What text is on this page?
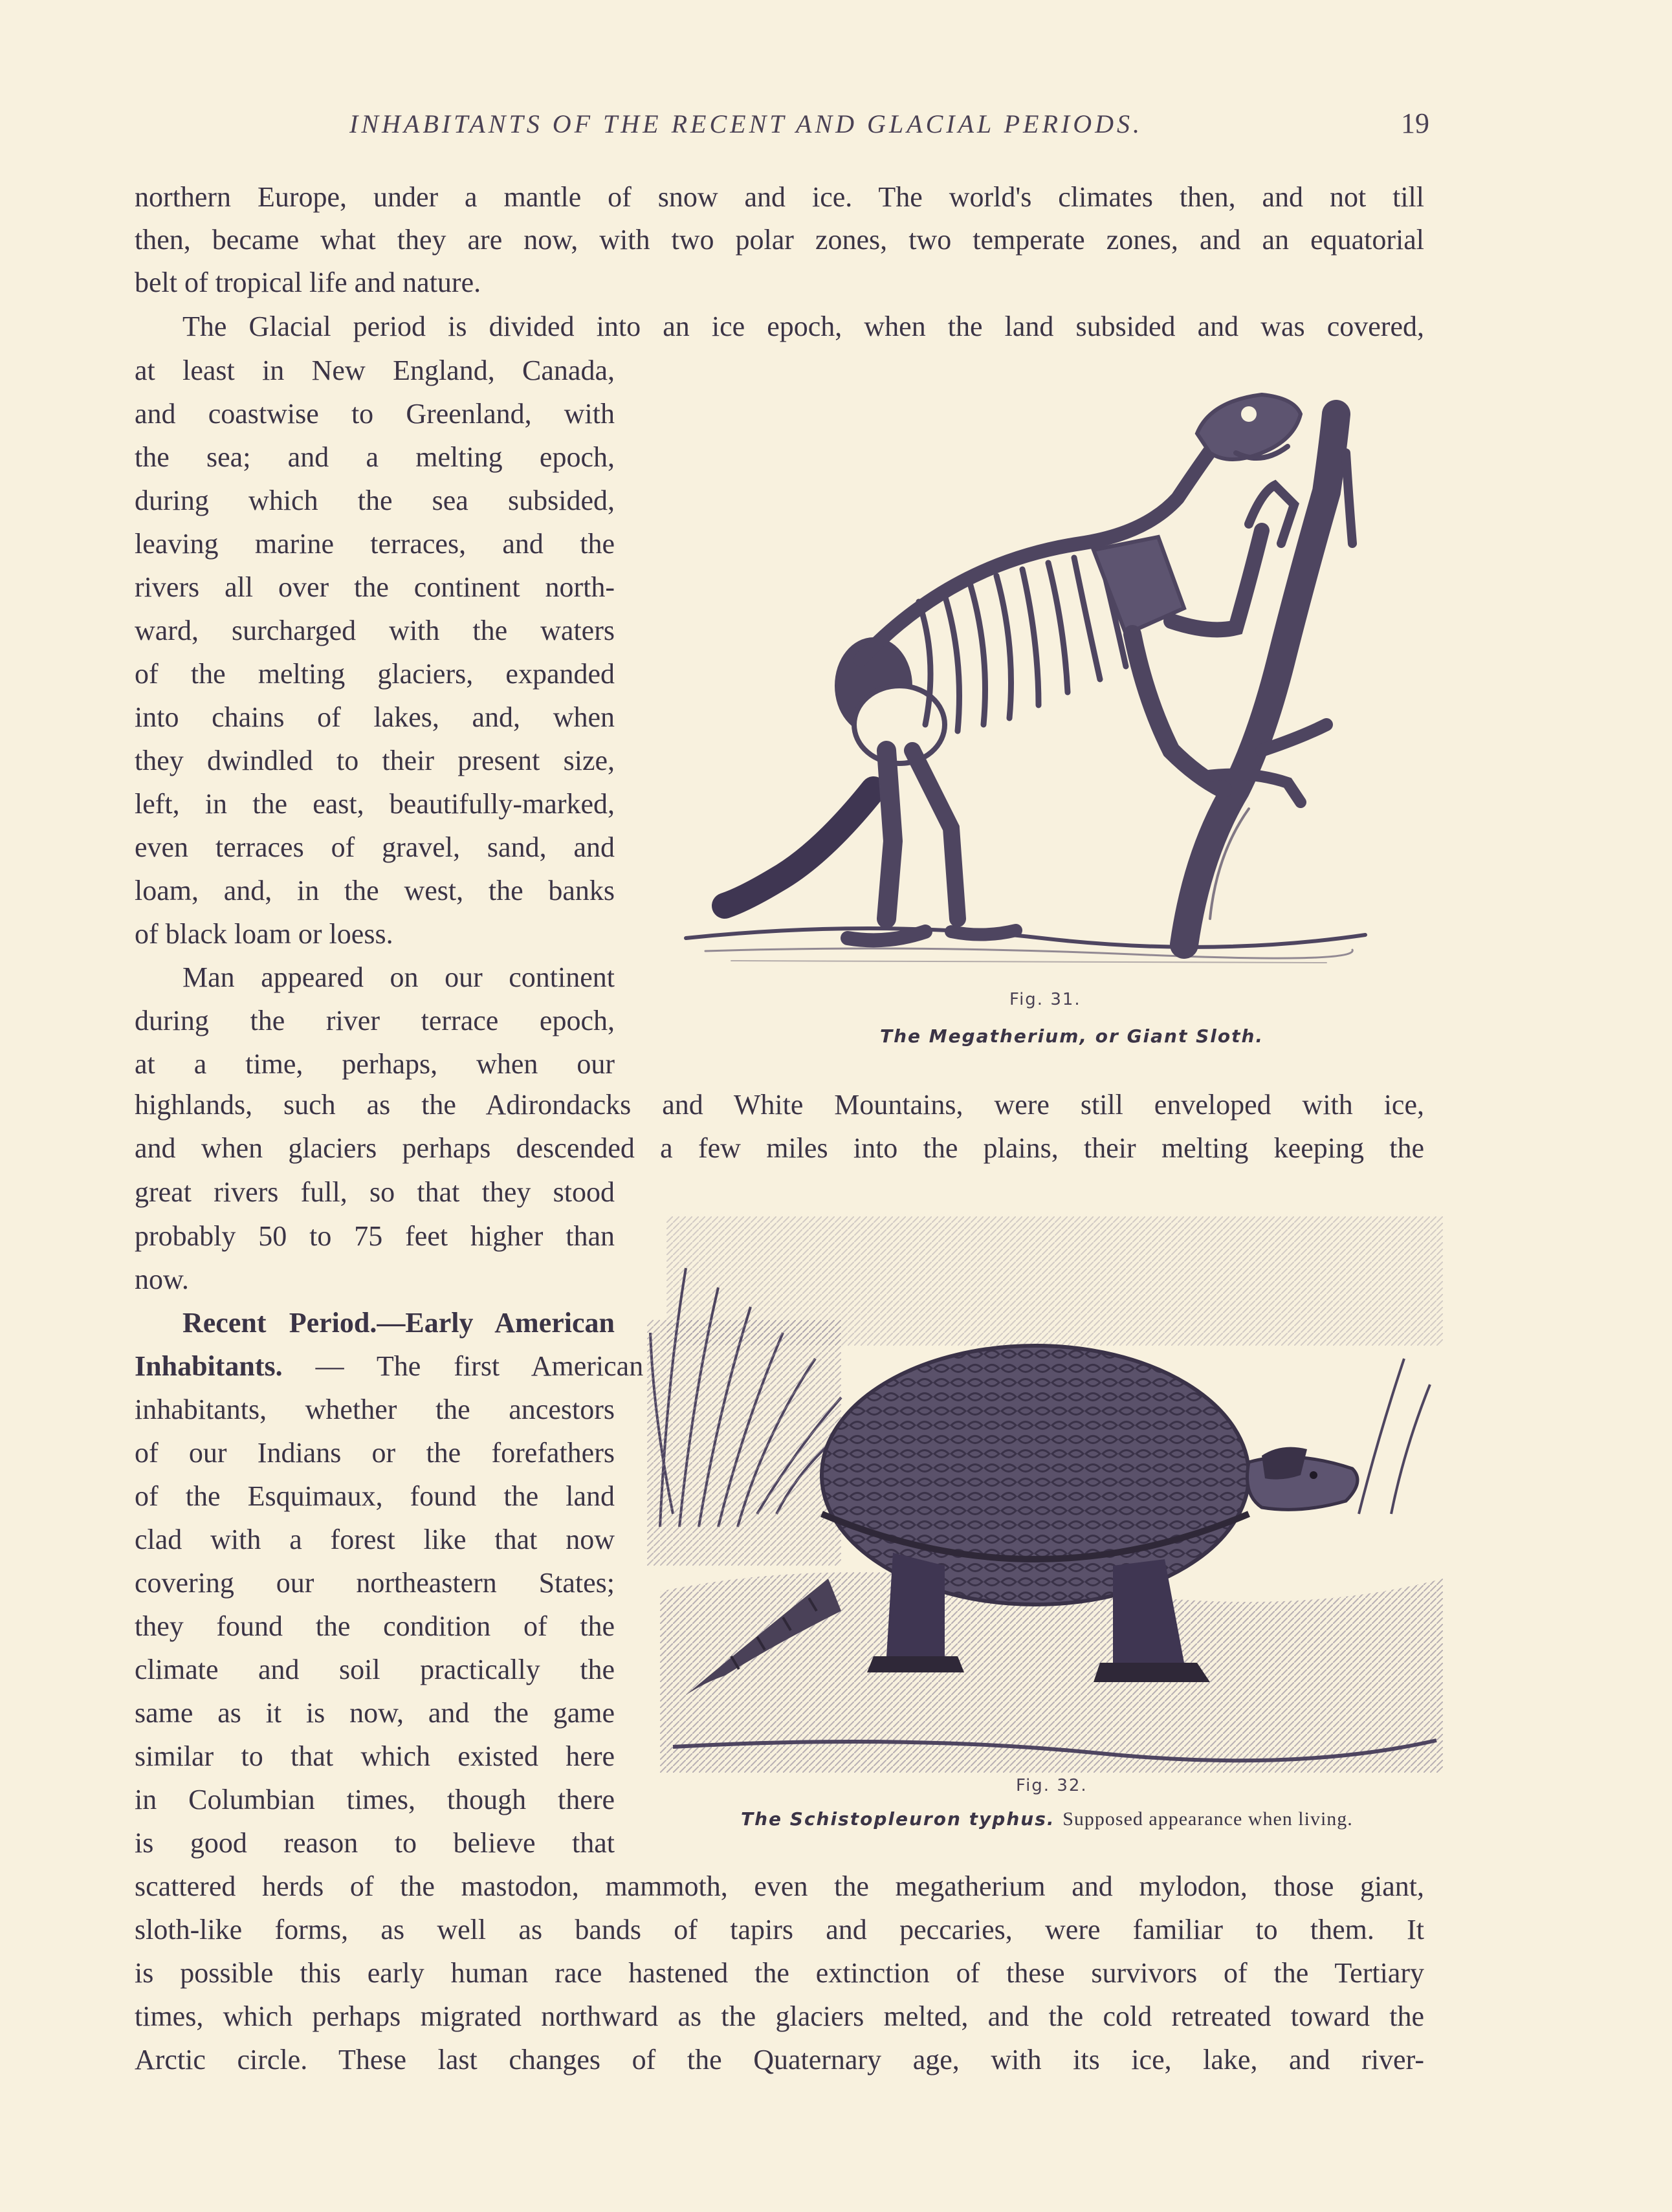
INHABITANTS OF THE RECENT AND GLACIAL PERIODS.	19
northern Europe, under a mantle of snow and ice. The world's climates then, and not till
then, became what they are now, with two polar zones, two temperate zones, and an equatorial
belt of tropical life and nature.
The Glacial period is divided into an ice epoch, when the land subsided and was covered,
at least in New England, Canada,
and coastwise to Greenland, with
the sea; and a melting epoch,
during which the sea subsided,
leaving marine terraces, and the
rivers all over the continent north-
ward, surcharged with the waters
of the melting glaciers, expanded
into chains of lakes, and, when
they dwindled to their present size,
left, in the east, beautifully-marked,
even terraces of gravel, sand, and
loam, and, in the west, the banks
of black loam or loess.
Man appeared on our continent
during the river terrace epoch,
at a time, perhaps, when our
highlands, such as the Adirondacks and White Mountains, were still enveloped with ice,
and when glaciers perhaps descended a few miles into the plains, their melting keeping the
great rivers full, so that they stood
probably 50 to 75 feet higher than
now.
Recent Period.—Early American
Inhabitants. — The first American
inhabitants, whether the ancestors
of our Indians or the forefathers
of the Esquimaux, found the land
clad with a forest like that now
covering our northeastern States;
they found the condition of the
climate and soil practically the
same as it is now, and the game
similar to that which existed here
in Columbian times, though there
is good reason to believe that
scattered herds of the mastodon, mammoth, even the megatherium and mylodon, those giant,
sloth-like forms, as well as bands of tapirs and peccaries, were familiar to them. It
is possible this early human race hastened the extinction of these survivors of the Tertiary
times, which perhaps migrated northward as the glaciers melted, and the cold retreated toward the
Arctic circle. These last changes of the Quaternary age, with its ice, lake, and river-
Fig. 31.
The Megatherium, or Giant Sloth.
Fig. 32.
The Schistopleuron typhus. Supposed appearance when living.
